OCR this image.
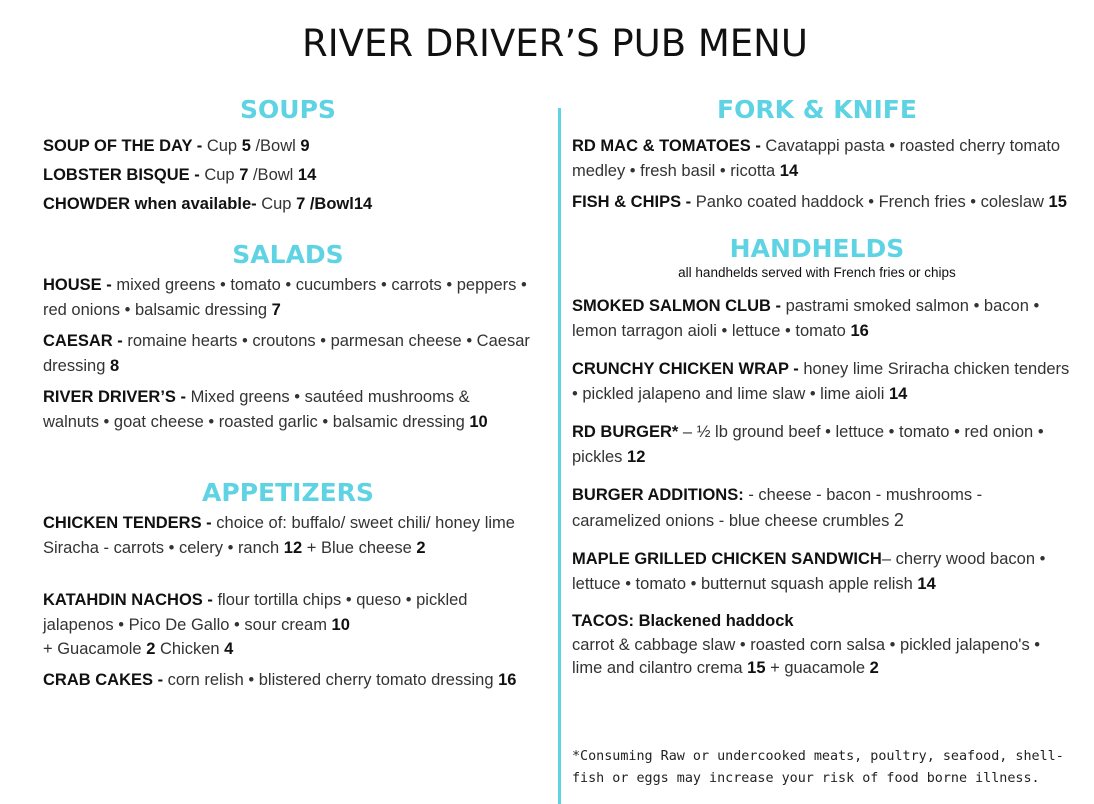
RIVER DRIVER’S PUB MENU
SOUPS
SOUP OF THE DAY - Cup 5 /Bowl 9
LOBSTER BISQUE - Cup 7 /Bowl 14
CHOWDER when available- Cup 7 /Bowl14
SALADS
HOUSE - mixed greens • tomato • cucumbers • carrots • peppers • red onions • balsamic dressing 7
CAESAR - romaine hearts • croutons • parmesan cheese • Caesar dressing 8
RIVER DRIVER’S - Mixed greens • sautéed mushrooms & walnuts • goat cheese • roasted garlic • balsamic dressing 10
APPETIZERS
CHICKEN TENDERS - choice of: buffalo/ sweet chili/ honey lime Siracha - carrots • celery • ranch 12 + Blue cheese 2
KATAHDIN NACHOS - flour tortilla chips • queso • pickled jalapenos • Pico De Gallo • sour cream 10
+ Guacamole 2 Chicken 4
CRAB CAKES - corn relish • blistered cherry tomato dressing 16
FORK & KNIFE
RD MAC & TOMATOES - Cavatappi pasta • roasted cherry tomato medley • fresh basil • ricotta 14
FISH & CHIPS - Panko coated haddock • French fries • coleslaw 15
HANDHELDS
all handhelds served with French fries or chips
SMOKED SALMON CLUB - pastrami smoked salmon • bacon • lemon tarragon aioli • lettuce • tomato 16
CRUNCHY CHICKEN WRAP - honey lime Sriracha chicken tenders • pickled jalapeno and lime slaw • lime aioli 14
RD BURGER* – ½ lb ground beef • lettuce • tomato • red onion • pickles 12
BURGER ADDITIONS: - cheese - bacon - mushrooms - caramelized onions - blue cheese crumbles 2
MAPLE GRILLED CHICKEN SANDWICH– cherry wood bacon • lettuce • tomato • butternut squash apple relish 14
TACOS: Blackened haddock
carrot & cabbage slaw • roasted corn salsa • pickled jalapeno's • lime and cilantro crema 15 + guacamole 2
*Consuming Raw or undercooked meats, poultry, seafood, shell-fish or eggs may increase your risk of food borne illness.
